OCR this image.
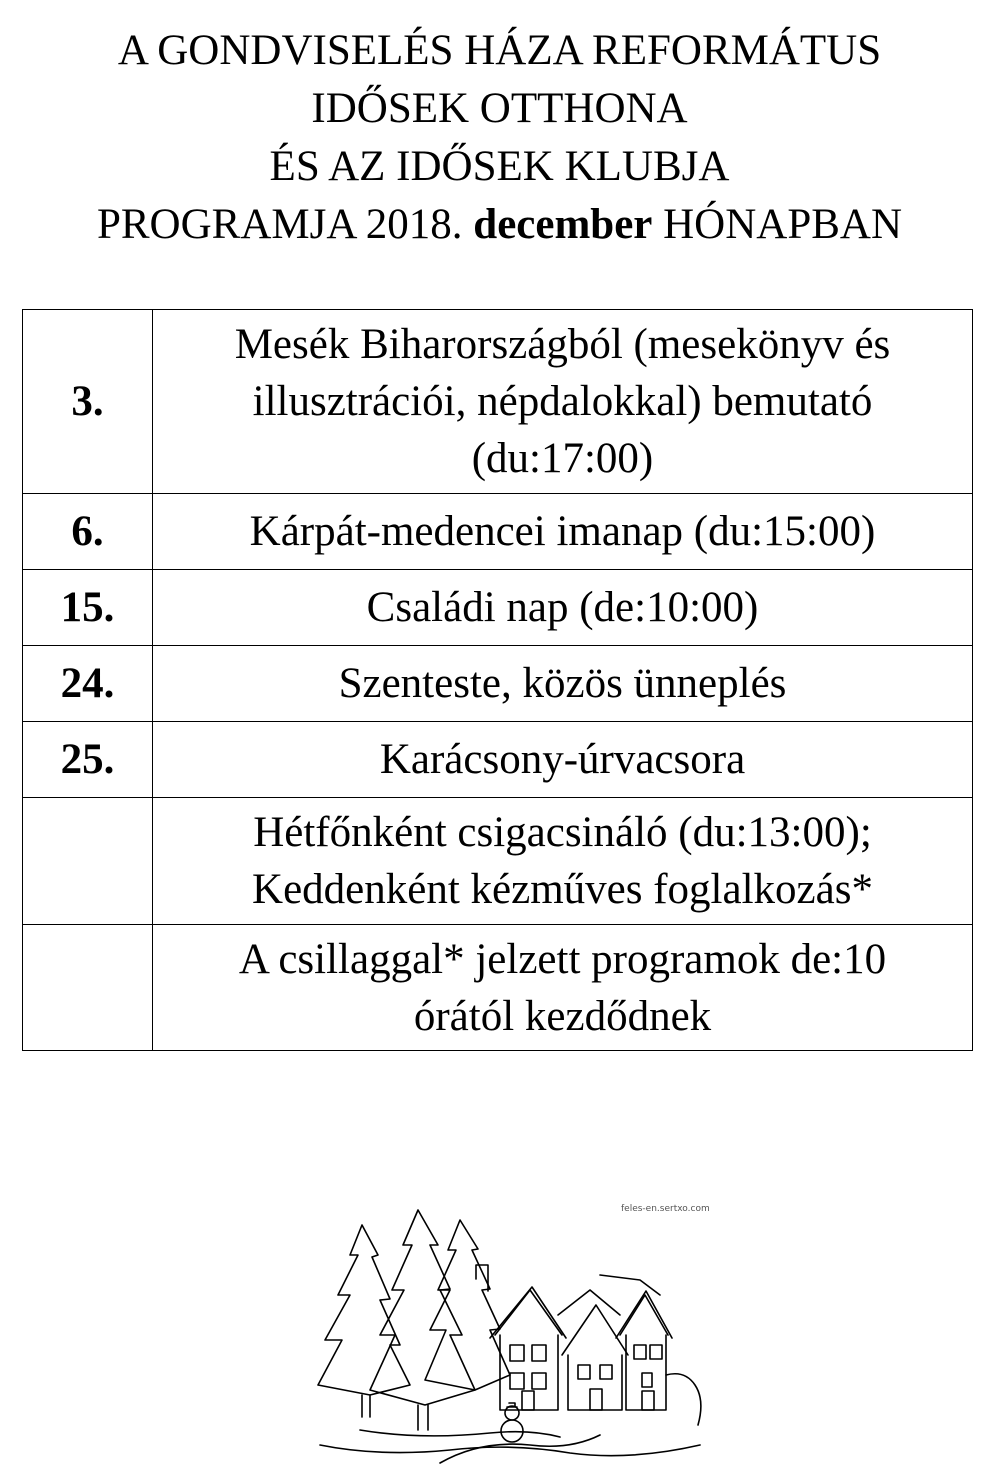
A GONDVISELÉS HÁZA REFORMÁTUS
IDŐSEK OTTHONA
ÉS AZ IDŐSEK KLUBJA
PROGRAMJA 2018. december HÓNAPBAN
3.	Mesék Biharországból (mesekönyv és
illusztrációi, népdalokkal) bemutató
(du:17:00)

6.	Kárpát-medencei imanap (du:15:00)

15.	Családi nap (de:10:00)

24.	Szenteste, közös ünneplés

25.	Karácsony-úrvacsora

	Hétfőnként csigacsináló (du:13:00);
Keddenként kézműves foglalkozás*

	A csillaggal* jelzett programok de:10
órától kezdődnek
feles-en.sertxo.com
